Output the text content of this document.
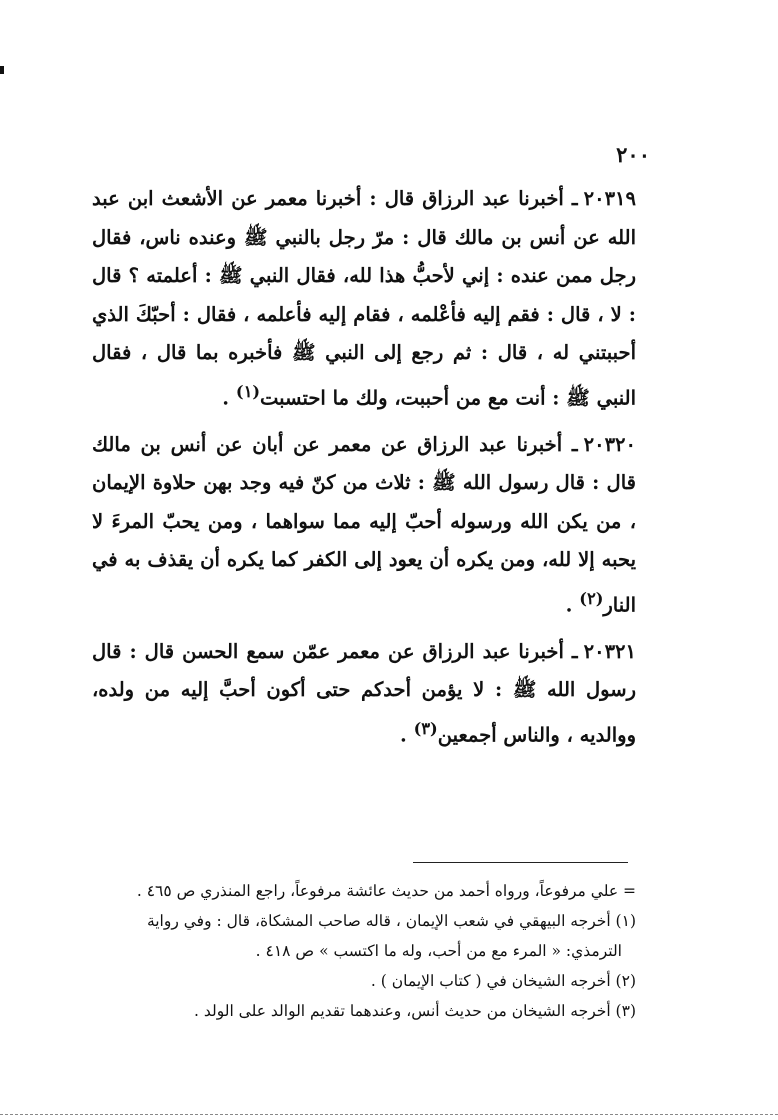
٢٠٠

٢٠٣١٩ـ أخبرنا عبد الرزاق قال : أخبرنا معمر عن الأشعث ابن عبد الله عن أنس بن مالك قال : مرّ رجل بالنبي ﷺ وعنده ناس، فقال رجل ممن عنده : إني لأحبُّ هذا لله، فقال النبي ﷺ : أعلمته ؟ قال : لا ، قال : فقم إليه فأعْلمه ، فقام إليه فأعلمه ، فقال : أحبّكَ الذي أحببتني له ، قال : ثم رجع إلى النبي ﷺ فأخبره بما قال ، فقال النبي ﷺ : أنت مع من أحببت، ولك ما احتسبت$^{(١)}$ .

٢٠٣٢٠ـ أخبرنا عبد الرزاق عن معمر عن أبان عن أنس بن مالك قال : قال رسول الله ﷺ : ثلاث من كنّ فيه وجد بهن حلاوة الإيمان ، من يكن الله ورسوله أحبّ إليه مما سواهما ، ومن يحبّ المرءَ لا يحبه إلا لله، ومن يكره أن يعود إلى الكفر كما يكره أن يقذف به في النار$^{(٢)}$ .

٢٠٣٢١ـ أخبرنا عبد الرزاق عن معمر عمّن سمع الحسن قال : قال رسول الله ﷺ : لا يؤمن أحدكم حتى أكون أحبَّ إليه من ولده، ووالديه ، والناس أجمعين$^{(٣)}$ .

= علي مرفوعاً، ورواه أحمد من حديث عائشة مرفوعاً، راجع المنذري ص ٤٦٥ .

(١) أخرجه البيهقي في شعب الإيمان ، قاله صاحب المشكاة، قال : وفي رواية

الترمذي: « المرء مع من أحب، وله ما اكتسب » ص ٤١٨ .

(٢) أخرجه الشيخان في ( كتاب الإيمان ) .

(٣) أخرجه الشيخان من حديث أنس، وعندهما تقديم الوالد على الولد .
